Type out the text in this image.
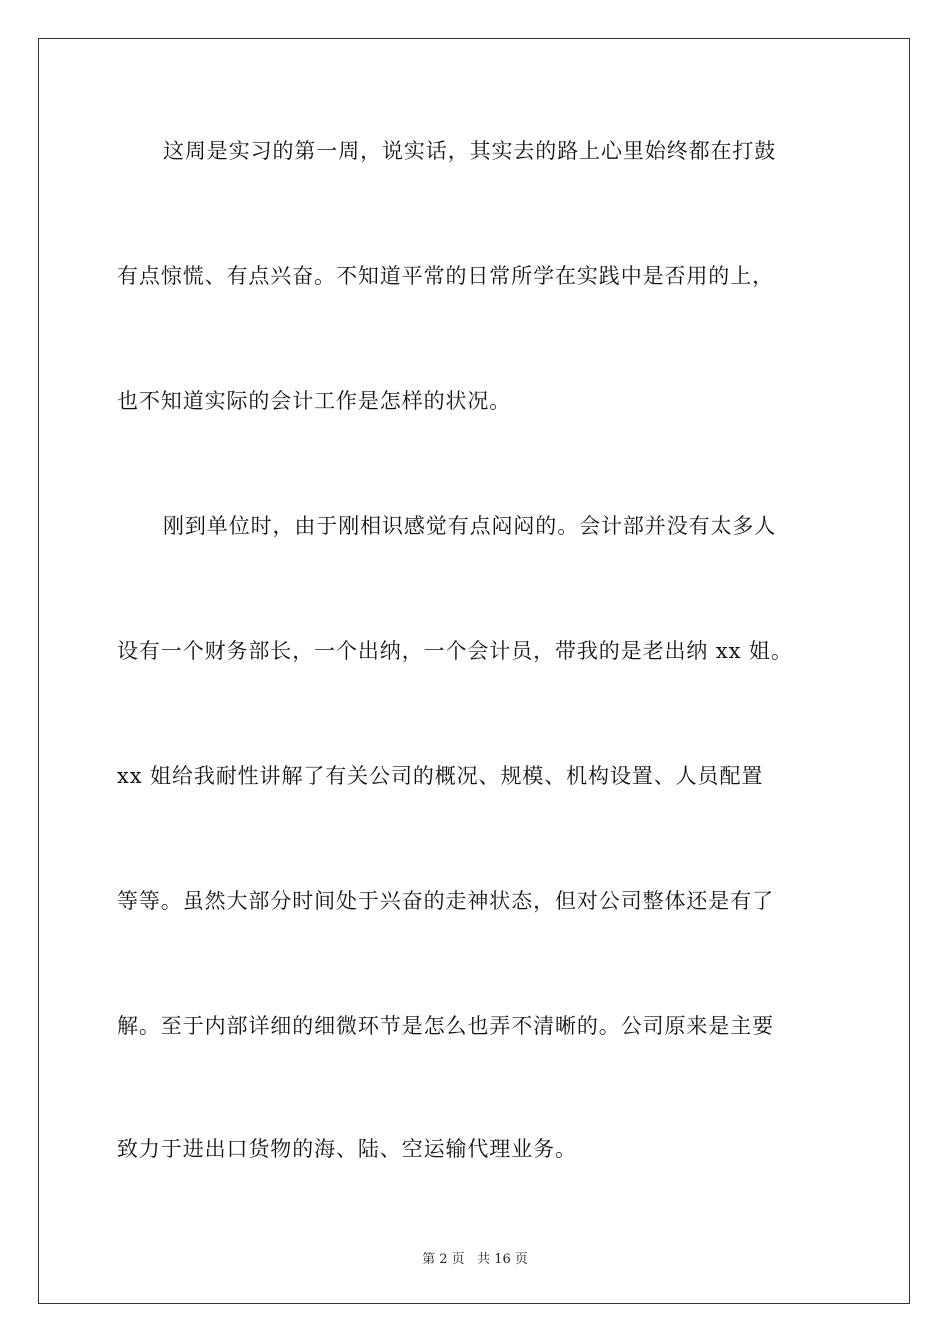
这周是实习的第一周，说实话，其实去的路上心里始终都在打鼓
有点惊慌、有点兴奋。不知道平常的日常所学在实践中是否用的上，
也不知道实际的会计工作是怎样的状况。
刚到单位时，由于刚相识感觉有点闷闷的。会计部并没有太多人
设有一个财务部长，一个出纳，一个会计员，带我的是老出纳 xx 姐。
xx 姐给我耐性讲解了有关公司的概况、规模、机构设置、人员配置
等等。虽然大部分时间处于兴奋的走神状态，但对公司整体还是有了
解。至于内部详细的细微环节是怎么也弄不清晰的。公司原来是主要
致力于进出口货物的海、陆、空运输代理业务。
第 2 页   共 16 页
